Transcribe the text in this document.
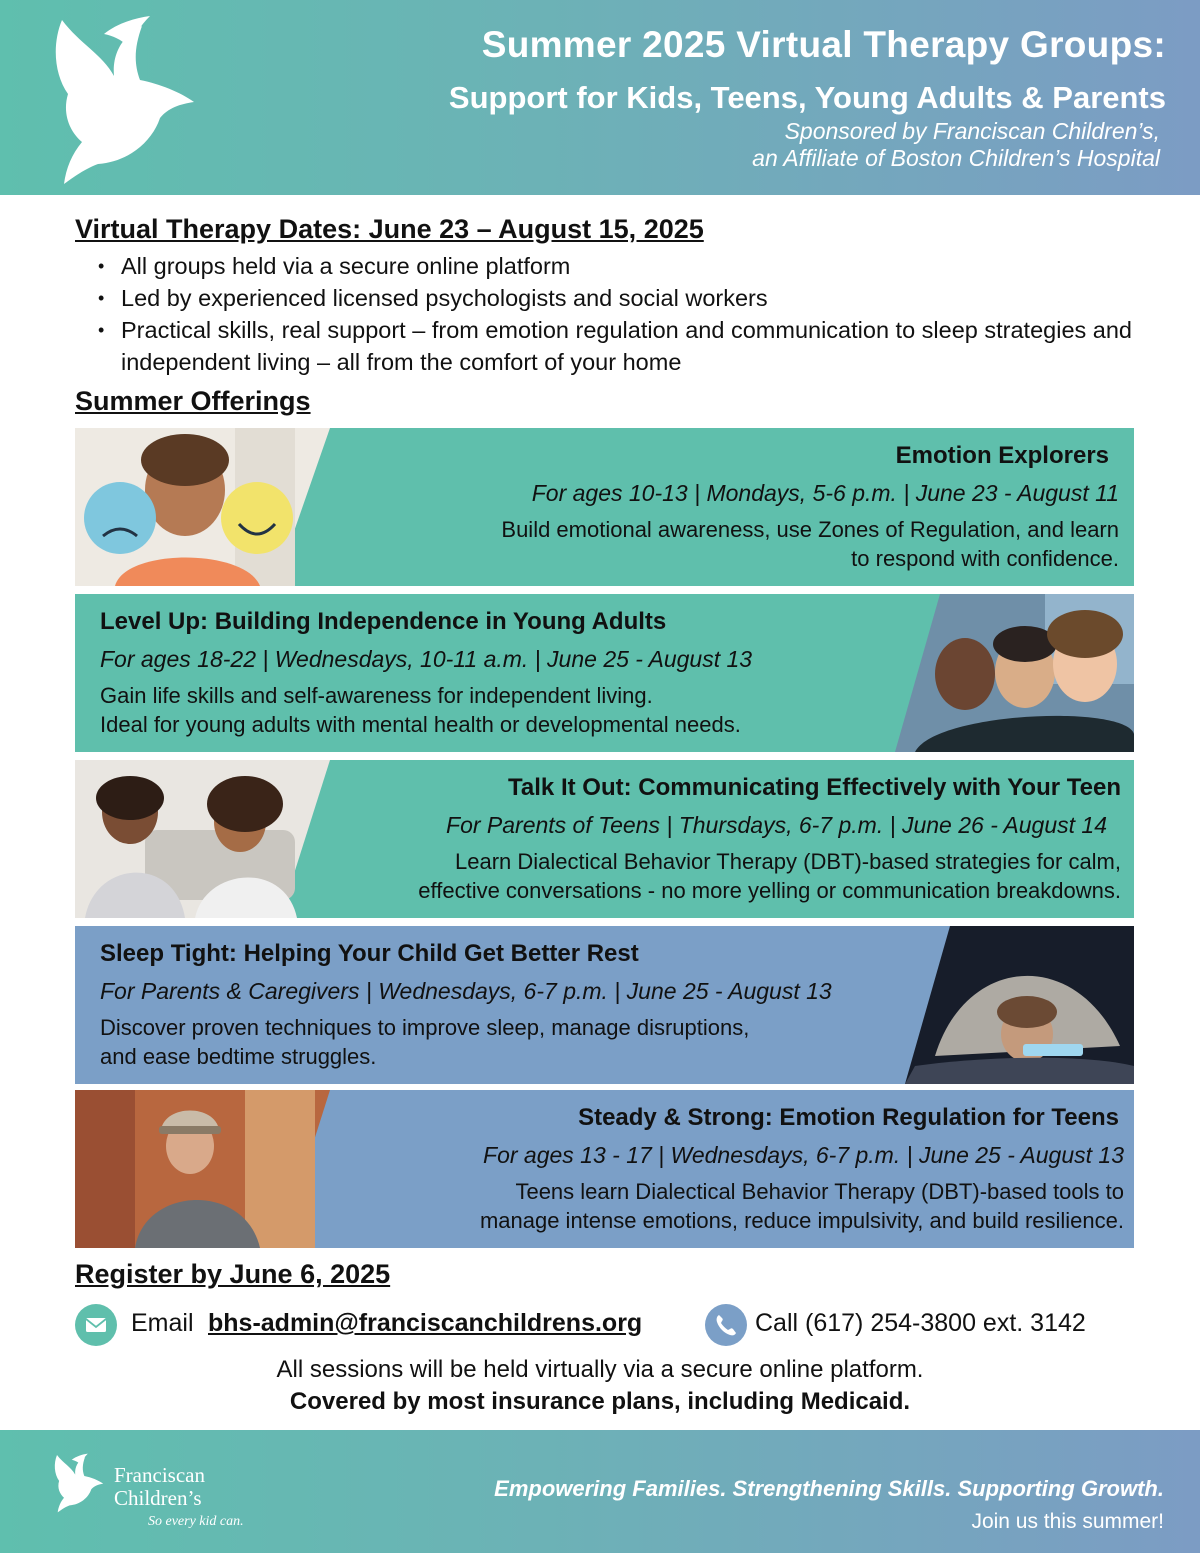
Summer 2025 Virtual Therapy Groups:
Support for Kids, Teens, Young Adults & Parents
Sponsored by Franciscan Children’s,
an Affiliate of Boston Children’s Hospital
Virtual Therapy Dates: June 23 – August 15, 2025
• All groups held via a secure online platform
• Led by experienced licensed psychologists and social workers
• Practical skills, real support – from emotion regulation and communication to sleep strategies and independent living – all from the comfort of your home
Summer Offerings
Emotion Explorers
For ages 10-13 | Mondays, 5-6 p.m. | June 23 - August 11
Build emotional awareness, use Zones of Regulation, and learn
to respond with confidence.
Level Up: Building Independence in Young Adults
For ages 18-22 | Wednesdays, 10-11 a.m. | June 25 - August 13
Gain life skills and self-awareness for independent living.
Ideal for young adults with mental health or developmental needs.
Talk It Out: Communicating Effectively with Your Teen
For Parents of Teens | Thursdays, 6-7 p.m. | June 26 - August 14
Learn Dialectical Behavior Therapy (DBT)-based strategies for calm,
effective conversations - no more yelling or communication breakdowns.
Sleep Tight: Helping Your Child Get Better Rest
For Parents & Caregivers | Wednesdays, 6-7 p.m. | June 25 - August 13
Discover proven techniques to improve sleep, manage disruptions,
and ease bedtime struggles.
Steady & Strong: Emotion Regulation for Teens
For ages 13 - 17 | Wednesdays, 6-7 p.m. | June 25 - August 13
Teens learn Dialectical Behavior Therapy (DBT)-based tools to
manage intense emotions, reduce impulsivity, and build resilience.
Register by June 6, 2025
Email bhs-admin@franciscanchildrens.org	Call (617) 254-3800 ext. 3142
All sessions will be held virtually via a secure online platform.
Covered by most insurance plans, including Medicaid.
Franciscan
Children’s
So every kid can.
Empowering Families. Strengthening Skills. Supporting Growth.
Join us this summer!
